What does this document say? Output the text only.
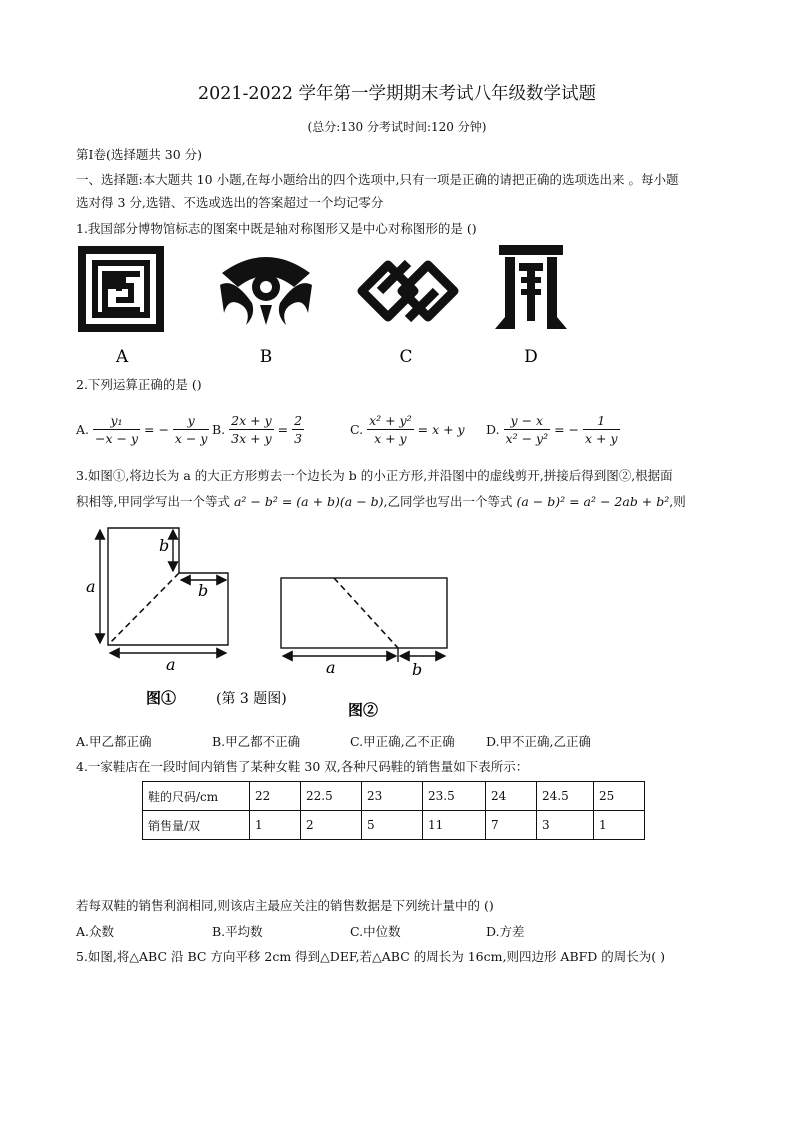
2021-2022 学年第一学期期末考试八年级数学试题
(总分:130 分考试时间:120 分钟)
第Ⅰ卷(选择题共 30 分)
一、选择题:本大题共 10 小题,在每小题给出的四个选项中,只有一项是正确的请把正确的选项选出来 。每小题
选对得 3 分,选错、不选或选出的答案超过一个均记零分
1.我国部分博物馆标志的图案中既是轴对称图形又是中心对称图形的是 ()
A	B	C	D
2.下列运算正确的是 ()
A. $\frac{\text{y₁}}{-x - y}$ = − $\frac{y}{x - y} B$. $\frac{2x + y}{3x + y} = \frac{2}{3}$	C. $\frac{\text{x² + y²}}{x + y} = x + y$ D. $\frac{y - x}{\text{x² − y²}}$ = − $\frac{1}{x + y}$
3.如图①,将边长为 a 的大正方形剪去一个边长为 b 的小正方形,并沿图中的虚线剪开,拼接后得到图②,根据面
积相等,甲同学写出一个等式 a² − b² = (a + b)(a − b),乙同学也写出一个等式 (a − b)² = a² − 2ab + b²,则
a
b
b
a	a	b
图①	(第 3 题图)
图②
A.甲乙都正确	B.甲乙都不正确	C.甲正确,乙不正确	D.甲不正确,乙正确
4.一家鞋店在一段时间内销售了某种女鞋 30 双,各种尺码鞋的销售量如下表所示：
鞋的尺码/cm	22	22.5	23	23.5	24	24.5	25
销售量/双	1	2	5	11	7	3	1
若每双鞋的销售利润相同,则该店主最应关注的销售数据是下列统计量中的 ()
A.众数	B.平均数	C.中位数	D.方差
5.如图,将△ABC 沿 BC 方向平移 2cm 得到△DEF,若△ABC 的周长为 16cm,则四边形 ABFD 的周长为( )
